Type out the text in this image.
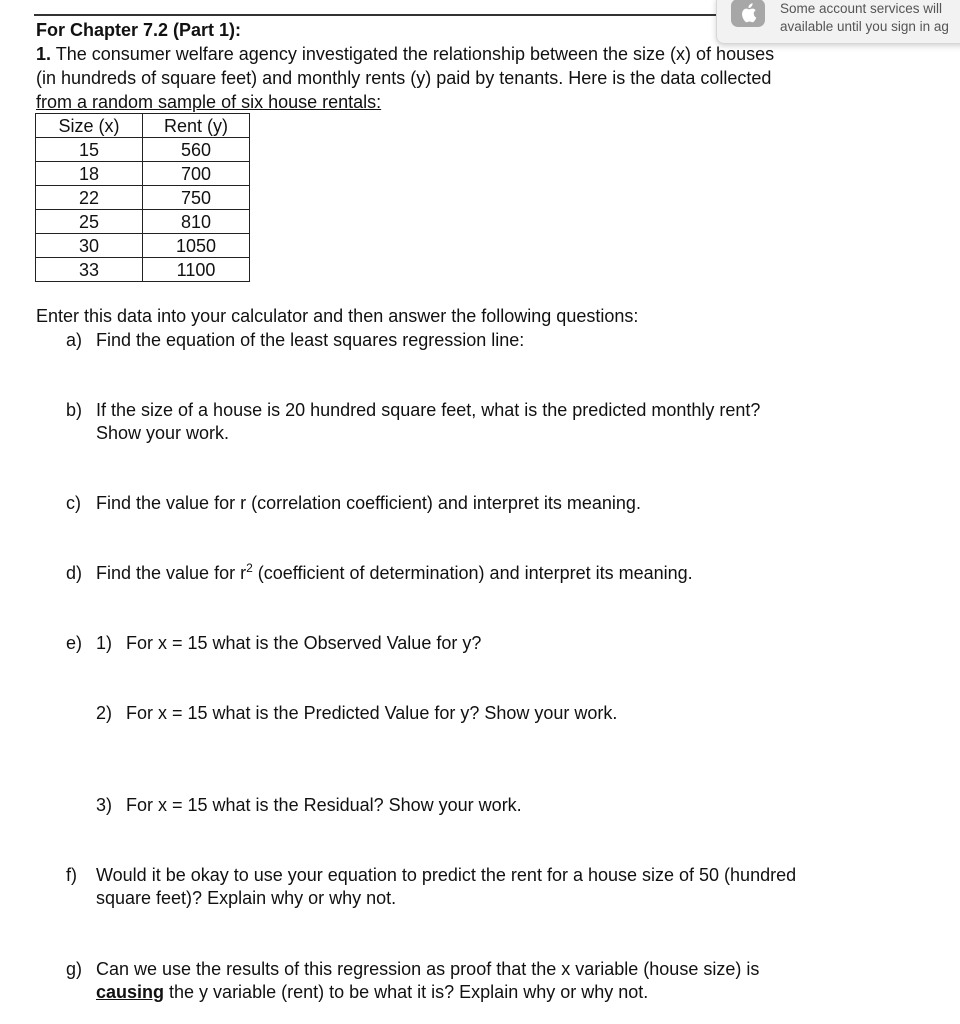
Some account services will
available until you sign in ag
For Chapter 7.2 (Part 1):
1. The consumer welfare agency investigated the relationship between the size (x) of houses
(in hundreds of square feet) and monthly rents (y) paid by tenants. Here is the data collected
from a random sample of six house rentals:
Size (x)	Rent (y)
15	560
18	700
22	750
25	810
30	1050
33	1100
Enter this data into your calculator and then answer the following questions:
a) Find the equation of the least squares regression line:
b) If the size of a house is 20 hundred square feet, what is the predicted monthly rent?
Show your work.
c) Find the value for r (correlation coefficient) and interpret its meaning.
d) Find the value for $r^2$ (coefficient of determination) and interpret its meaning.
e) 1) For x = 15 what is the Observed Value for y?
2) For x = 15 what is the Predicted Value for y? Show your work.
3) For x = 15 what is the Residual? Show your work.
f) Would it be okay to use your equation to predict the rent for a house size of 50 (hundred
square feet)? Explain why or why not.
g) Can we use the results of this regression as proof that the x variable (house size) is
causing the y variable (rent) to be what it is? Explain why or why not.
